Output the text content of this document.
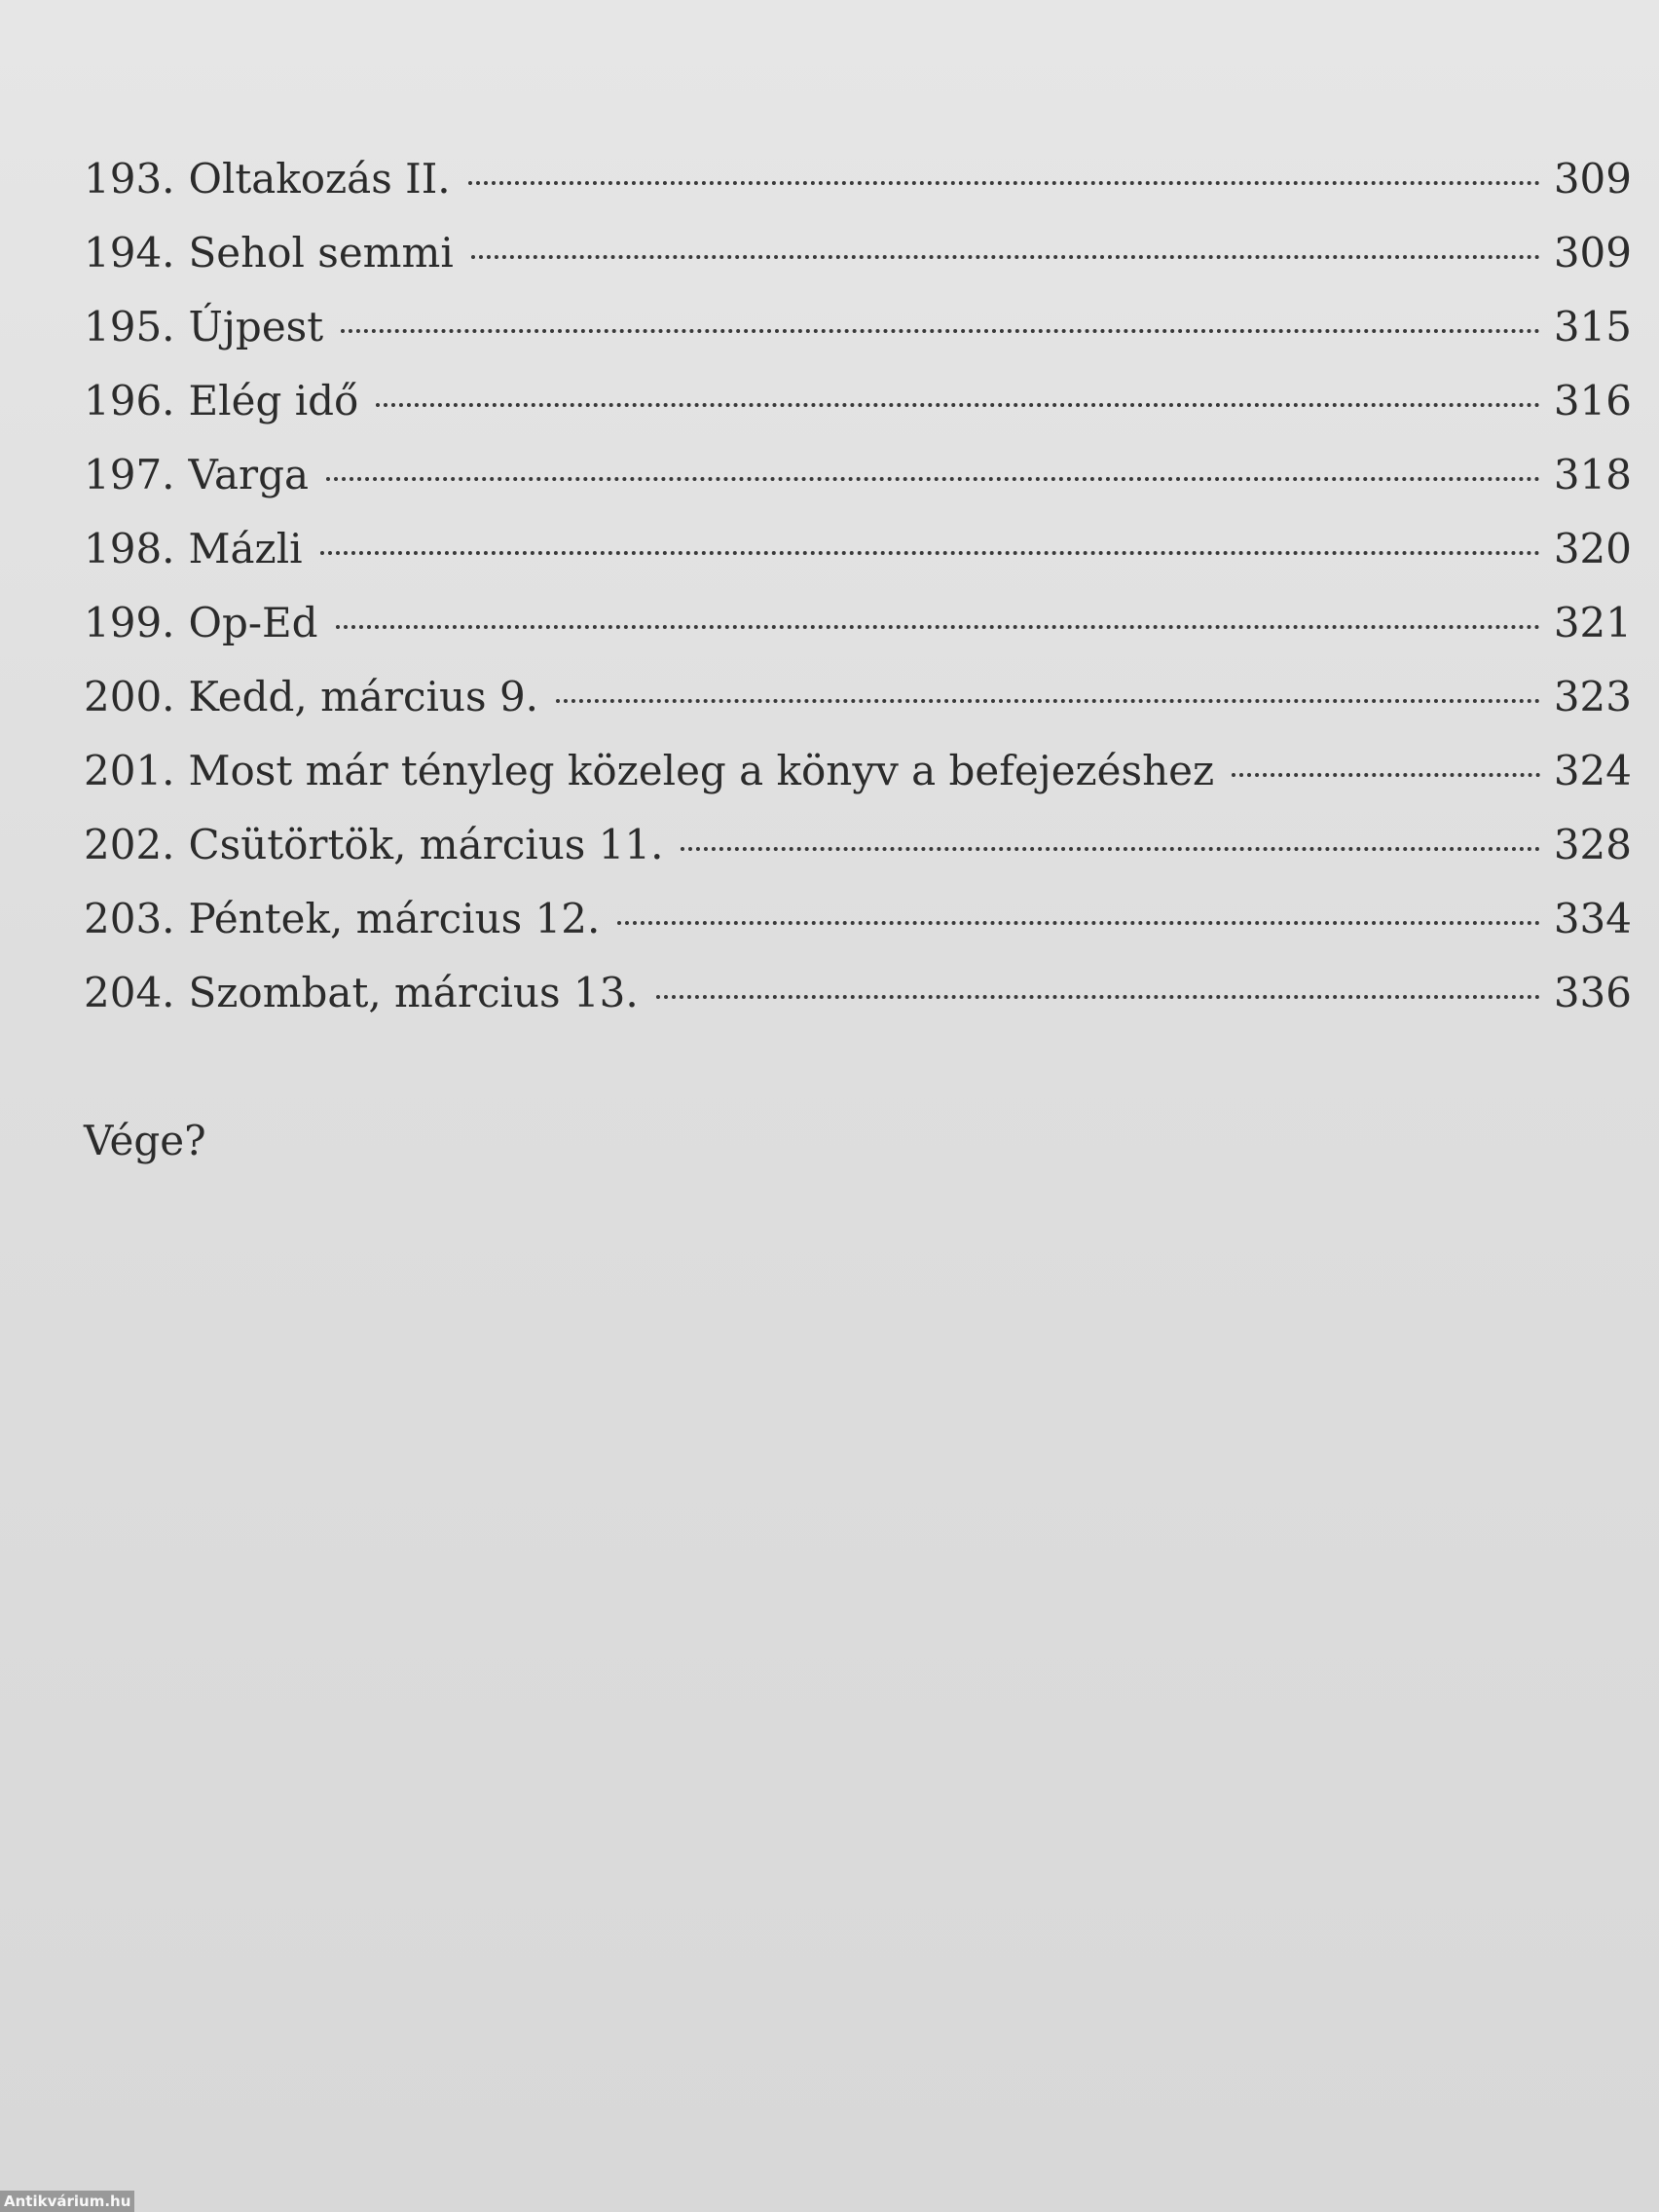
193. Oltakozás II.	309
194. Sehol semmi	309
195. Újpest	315
196. Elég idő	316
197. Varga	318
198. Mázli	320
199. Op-Ed	321
200. Kedd, március 9.	323
201. Most már tényleg közeleg a könyv a befejezéshez	324
202. Csütörtök, március 11.	328
203. Péntek, március 12.	334
204. Szombat, március 13.	336
Vége?
Antikvárium.hu
